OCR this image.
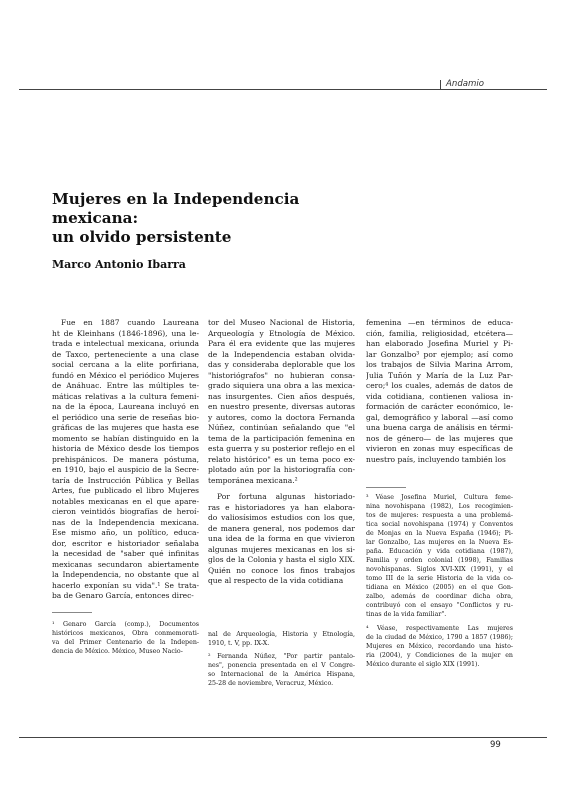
Andamio
Mujeres en la Independencia mexicana:
un olvido persistente
Marco Antonio Ibarra
Fue en 1887 cuando Laureana
ht de Kleinhans (1846-1896), una le-
trada e intelectual mexicana, oriunda
de Taxco, perteneciente a una clase
social cercana a la elite porfiriana,
fundó en México el periódico Mujeres
de Anáhuac. Entre las múltiples te-
máticas relativas a la cultura femeni-
na de la época, Laureana incluyó en
el periódico una serie de reseñas bio-
gráficas de las mujeres que hasta ese
momento se habían distinguido en la
historia de México desde los tiempos
prehispánicos. De manera póstuma,
en 1910, bajo el auspicio de la Secre-
taría de Instrucción Pública y Bellas
Artes, fue publicado el libro Mujeres
notables mexicanas en el que apare-
cieron veintidós biografías de heroí-
nas de la Independencia mexicana.
Ese mismo año, un político, educa-
dor, escritor e historiador señalaba
la necesidad de "saber qué infinitas
mexicanas secundaron abiertamente
la Independencia, no obstante que al
hacerlo exponían su vida".¹ Se trata-
ba de Genaro García, entonces direc-
tor del Museo Nacional de Historia,
Arqueología y Etnología de México.
Para él era evidente que las mujeres
de la Independencia estaban olvida-
das y consideraba deplorable que los
"historiógrafos" no hubieran consa-
grado siquiera una obra a las mexica-
nas insurgentes. Cien años después,
en nuestro presente, diversas autoras
y autores, como la doctora Fernanda
Núñez, continúan señalando que "el
tema de la participación femenina en
esta guerra y su posterior reflejo en el
relato histórico" es un tema poco ex-
plotado aún por la historiografía con-
temporánea mexicana.²
Por fortuna algunas historiado-
ras e historiadores ya han elabora-
do valiosísimos estudios con los que,
de manera general, nos podemos dar
una idea de la forma en que vivieron
algunas mujeres mexicanas en los si-
glos de la Colonia y hasta el siglo XIX.
Quién no conoce los finos trabajos
que al respecto de la vida cotidiana
femenina —en términos de educa-
ción, familia, religiosidad, etcétera—
han elaborado Josefina Muriel y Pi-
lar Gonzalbo³ por ejemplo; así como
los trabajos de Silvia Marina Arrom,
Julia Tuñón y María de la Luz Par-
cero;⁴ los cuales, además de datos de
vida cotidiana, contienen valiosa in-
formación de carácter económico, le-
gal, demográfico y laboral —así como
una buena carga de análisis en térmi-
nos de género— de las mujeres que
vivieron en zonas muy específicas de
nuestro país, incluyendo también los
¹ Genaro García (comp.), Documentos
históricos mexicanos, Obra conmemorati-
va del Primer Centenario de la Indepen-
dencia de México. México, Museo Nacio-
nal de Arqueología, Historia y Etnología,
1910, t. V, pp. IX-X.
² Fernanda Núñez, "Por partir pantalo-
nes", ponencia presentada en el V Congre-
so Internacional de la América Hispana,
25-28 de noviembre, Veracruz, México.
³ Véase Josefina Muriel, Cultura feme-
nina novohispana (1982), Los recogimien-
tos de mujeres: respuesta a una problemá-
tica social novohispana (1974) y Conventos
de Monjas en la Nueva España (1946); Pi-
lar Gonzalbo, Las mujeres en la Nueva Es-
paña. Educación y vida cotidiana (1987),
Familia y orden colonial (1998), Familias
novohispanas. Siglos XVI-XIX (1991), y el
tomo III de la serie Historia de la vida co-
tidiana en México (2005) en el que Gon-
zalbo, además de coordinar dicha obra,
contribuyó con el ensayo "Conflictos y ru-
tinas de la vida familiar".
⁴ Véase, respectivamente Las mujeres
de la ciudad de México, 1790 a 1857 (1986);
Mujeres en México, recordando una histo-
ria (2004), y Condiciones de la mujer en
México durante el siglo XIX (1991).
99
